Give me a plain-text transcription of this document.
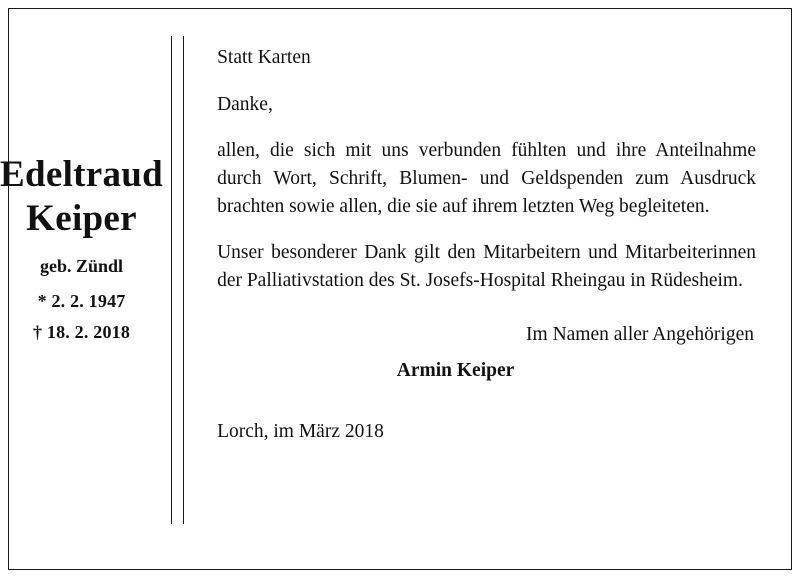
Edeltraud
Keiper
geb. Zündl
* 2. 2. 1947
† 18. 2. 2018

Statt Karten

Danke,

allen, die sich mit uns verbunden fühlten und ihre Anteilnahme durch Wort, Schrift, Blumen- und Geldspenden zum Ausdruck brachten sowie allen, die sie auf ihrem letzten Weg begleiteten.

Unser besonderer Dank gilt den Mitarbeitern und Mitarbeiterinnen der Palliativstation des St. Josefs-Hospital Rheingau in Rüdesheim.

Im Namen aller Angehörigen

Armin Keiper

Lorch, im März 2018
